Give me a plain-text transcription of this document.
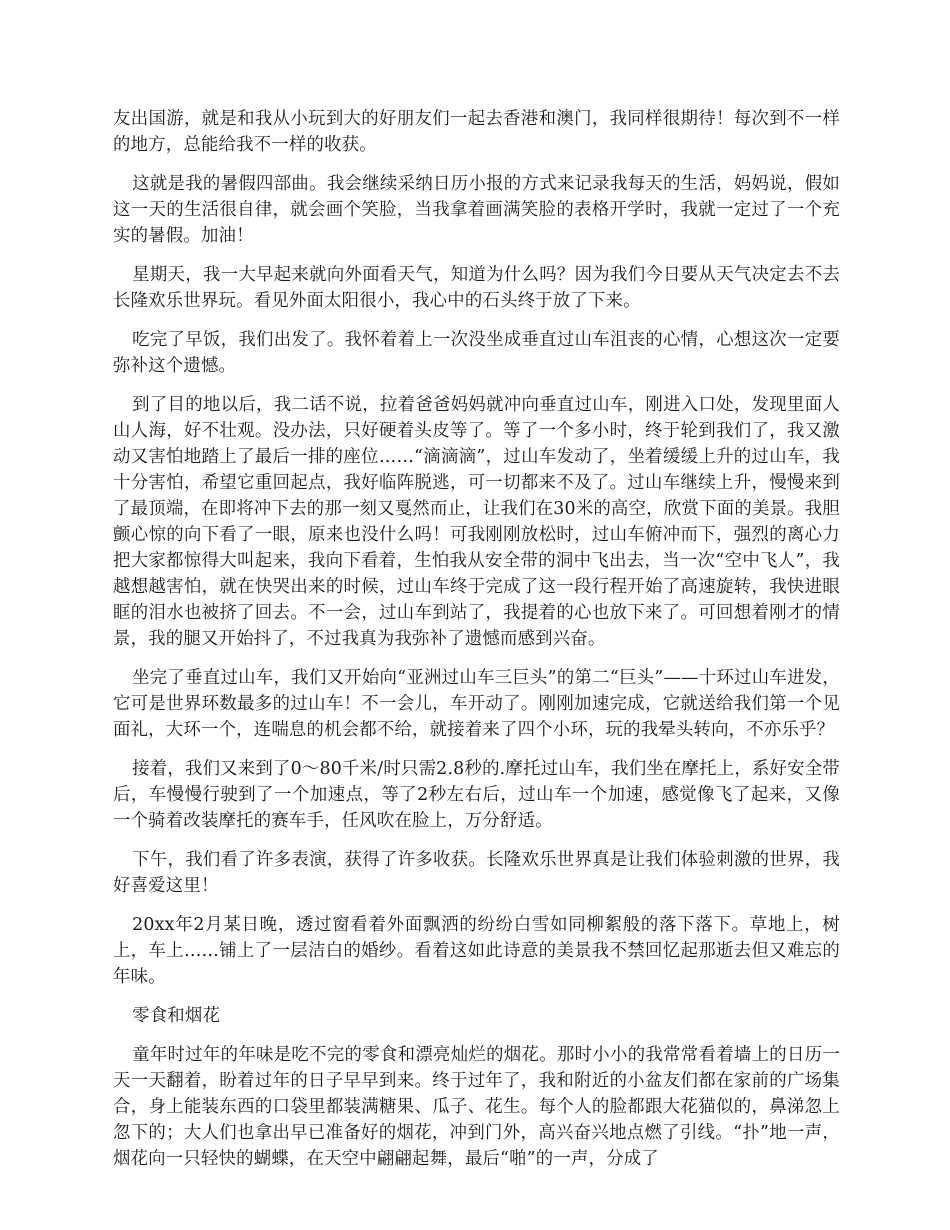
友出国游，就是和我从小玩到大的好朋友们一起去香港和澳门，我同样很期待！每次到不一样的地方，总能给我不一样的收获。

这就是我的暑假四部曲。我会继续采纳日历小报的方式来记录我每天的生活，妈妈说，假如这一天的生活很自律，就会画个笑脸，当我拿着画满笑脸的表格开学时，我就一定过了一个充实的暑假。加油！

星期天，我一大早起来就向外面看天气，知道为什么吗？因为我们今日要从天气决定去不去长隆欢乐世界玩。看见外面太阳很小，我心中的石头终于放了下来。

吃完了早饭，我们出发了。我怀着着上一次没坐成垂直过山车沮丧的心情，心想这次一定要弥补这个遗憾。

到了目的地以后，我二话不说，拉着爸爸妈妈就冲向垂直过山车，刚进入口处，发现里面人山人海，好不壮观。没办法，只好硬着头皮等了。等了一个多小时，终于轮到我们了，我又激动又害怕地踏上了最后一排的座位……“滴滴滴”，过山车发动了，坐着缓缓上升的过山车，我十分害怕，希望它重回起点，我好临阵脱逃，可一切都来不及了。过山车继续上升，慢慢来到了最顶端，在即将冲下去的那一刻又戛然而止，让我们在30米的高空，欣赏下面的美景。我胆颤心惊的向下看了一眼，原来也没什么吗！可我刚刚放松时，过山车俯冲而下，强烈的离心力把大家都惊得大叫起来，我向下看着，生怕我从安全带的洞中飞出去，当一次“空中飞人”，我越想越害怕，就在快哭出来的时候，过山车终于完成了这一段行程开始了高速旋转，我快进眼眶的泪水也被挤了回去。不一会，过山车到站了，我提着的心也放下来了。可回想着刚才的情景，我的腿又开始抖了，不过我真为我弥补了遗憾而感到兴奋。

坐完了垂直过山车，我们又开始向“亚洲过山车三巨头”的第二“巨头”——十环过山车进发，它可是世界环数最多的过山车！不一会儿，车开动了。刚刚加速完成，它就送给我们第一个见面礼，大环一个，连喘息的机会都不给，就接着来了四个小环，玩的我晕头转向，不亦乐乎？

接着，我们又来到了0～80千米/时只需2.8秒的.摩托过山车，我们坐在摩托上，系好安全带后，车慢慢行驶到了一个加速点，等了2秒左右后，过山车一个加速，感觉像飞了起来，又像一个骑着改装摩托的赛车手，任风吹在脸上，万分舒适。

下午，我们看了许多表演，获得了许多收获。长隆欢乐世界真是让我们体验刺激的世界，我好喜爱这里！

20xx年2月某日晚，透过窗看着外面飘洒的纷纷白雪如同柳絮般的落下落下。草地上，树上，车上……铺上了一层洁白的婚纱。看着这如此诗意的美景我不禁回忆起那逝去但又难忘的年味。

零食和烟花

童年时过年的年味是吃不完的零食和漂亮灿烂的烟花。那时小小的我常常看着墙上的日历一天一天翻着，盼着过年的日子早早到来。终于过年了，我和附近的小盆友们都在家前的广场集合，身上能装东西的口袋里都装满糖果、瓜子、花生。每个人的脸都跟大花猫似的，鼻涕忽上忽下的；大人们也拿出早已准备好的烟花，冲到门外，高兴奋兴地点燃了引线。“扑”地一声，烟花向一只轻快的蝴蝶，在天空中翩翩起舞，最后“啪”的一声，分成了
